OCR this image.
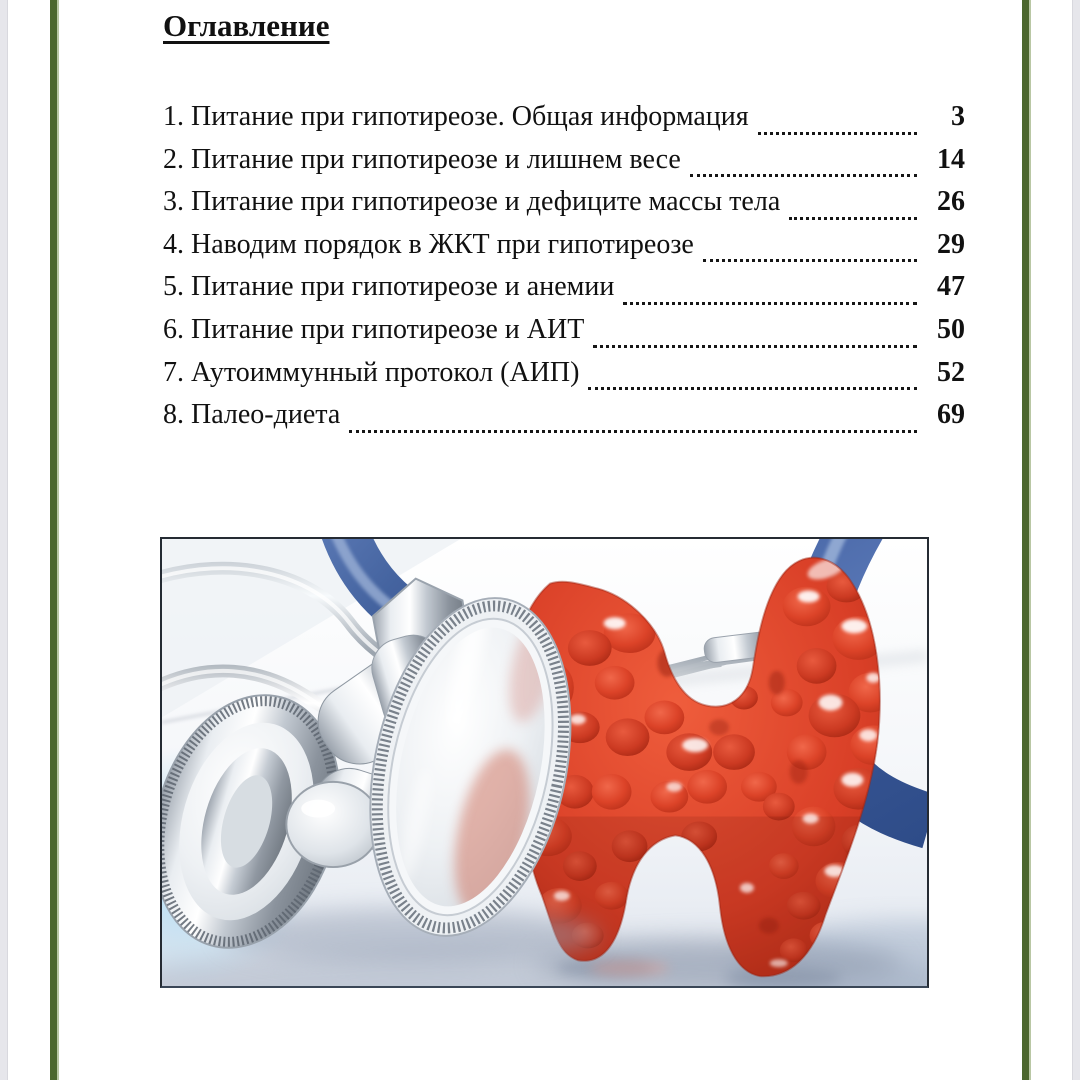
Оглавление
1. Питание при гипотиреозе. Общая информация	3
2. Питание при гипотиреозе и лишнем весе	14
3. Питание при гипотиреозе и дефиците массы тела	26
4. Наводим порядок в ЖКТ при гипотиреозе	29
5. Питание при гипотиреозе и анемии	47
6. Питание при гипотиреозе и АИТ	50
7. Аутоиммунный протокол (АИП)	52
8. Палео-диета	69
